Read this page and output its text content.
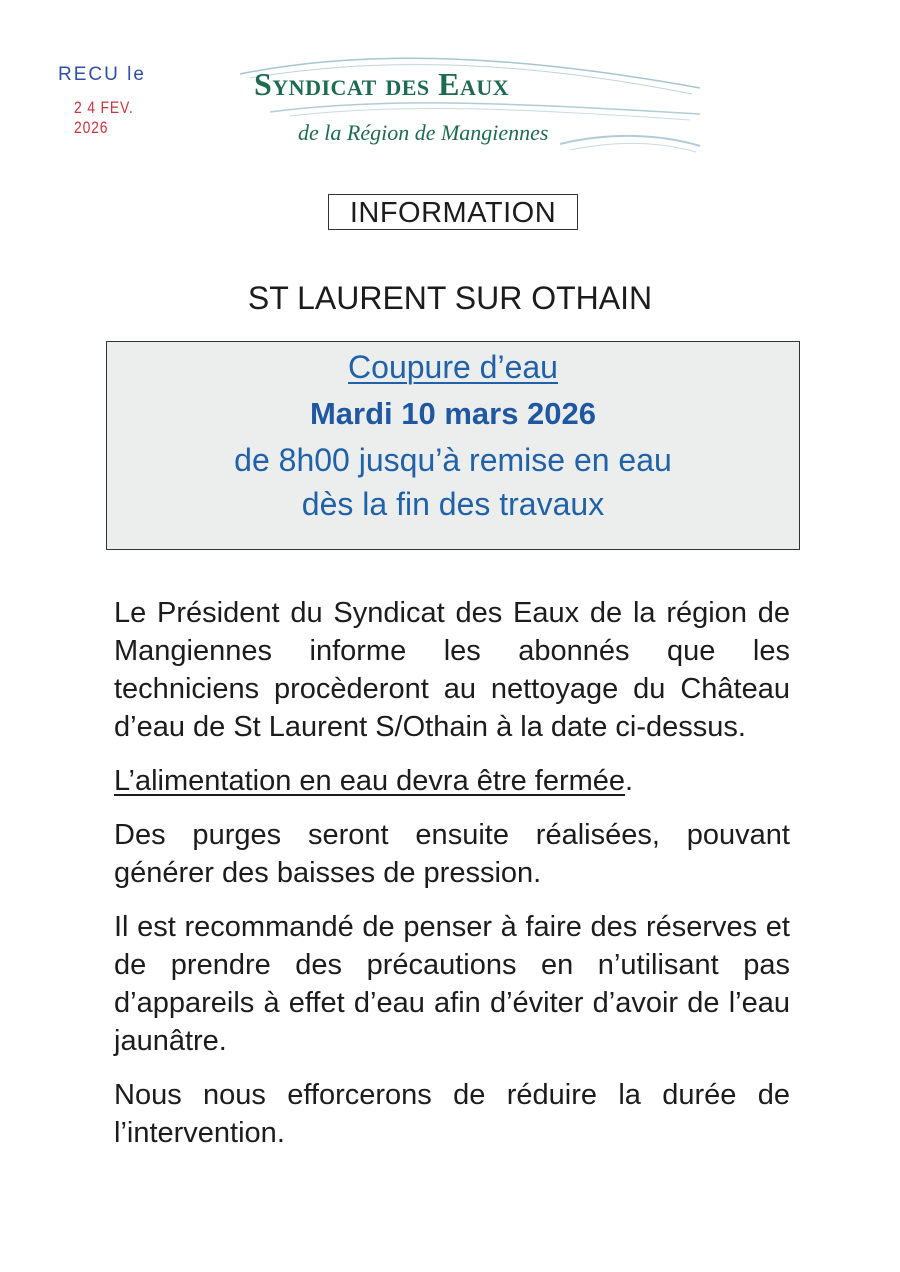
RECU le
2 4 FEV. 2026
Syndicat des Eaux

de la Région de Mangiennes

INFORMATION
ST LAURENT SUR OTHAIN
Coupure d’eau
Mardi 10 mars 2026
de 8h00 jusqu’à remise en eau
dès la fin des travaux

Le Président du Syndicat des Eaux de la région de Mangiennes informe les abonnés que les techniciens procèderont au nettoyage du Château d’eau de St Laurent S/Othain à la date ci-dessus.

L’alimentation en eau devra être fermée.

Des purges seront ensuite réalisées, pouvant générer des baisses de pression.

Il est recommandé de penser à faire des réserves et de prendre des précautions en n’utilisant pas d’appareils à effet d’eau afin d’éviter d’avoir de l’eau jaunâtre.

Nous nous efforcerons de réduire la durée de l’intervention.
